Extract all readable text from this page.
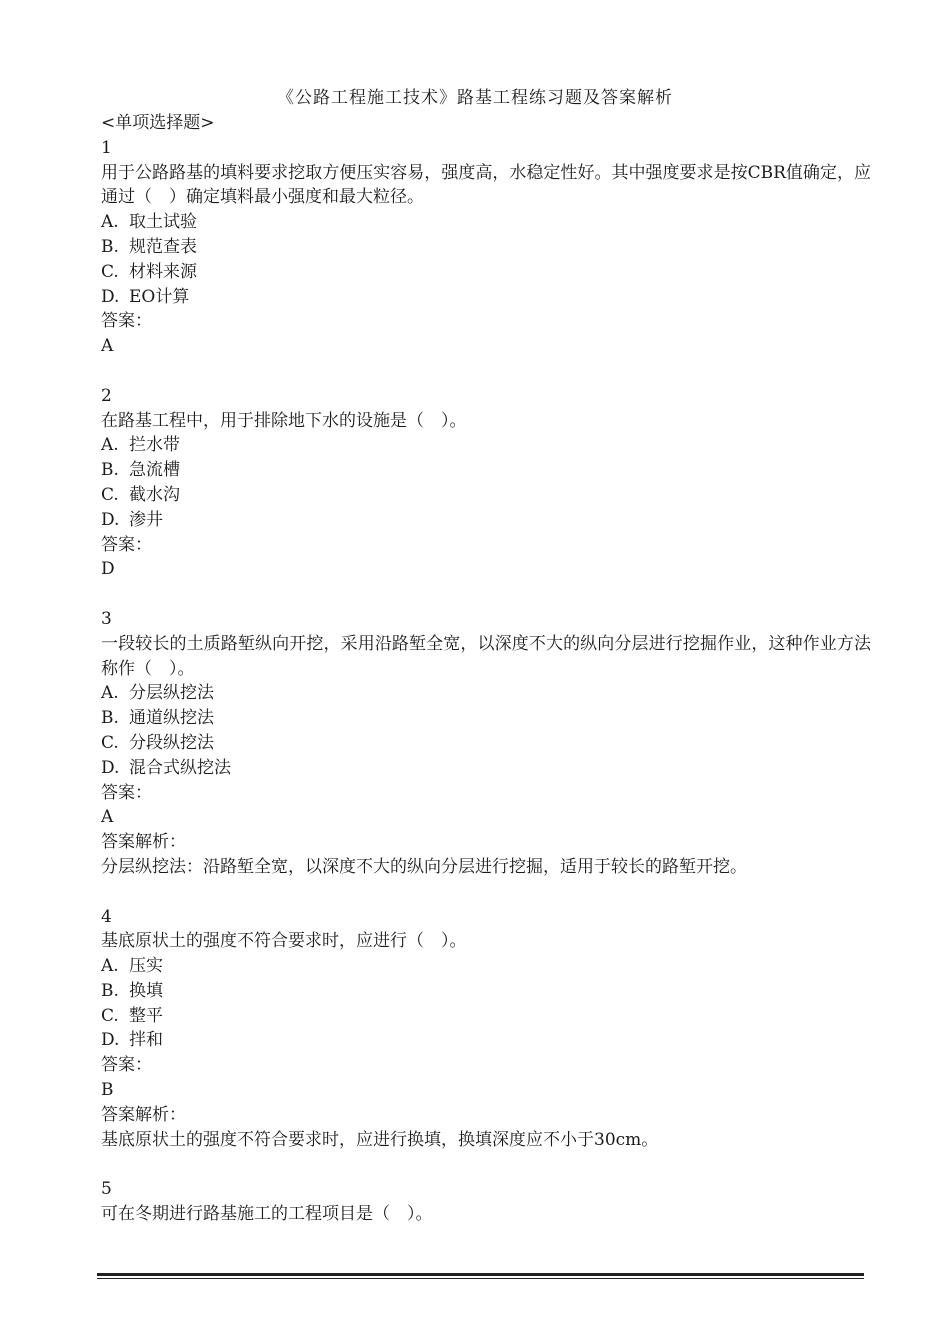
《公路工程施工技术》路基工程练习题及答案解析
<单项选择题>
1
用于公路路基的填料要求挖取方便压实容易，强度高，水稳定性好。其中强度要求是按CBR值确定，应通过（　）确定填料最小强度和最大粒径。
A. 取土试验
B. 规范查表
C. 材料来源
D. EO计算
答案：
A
2
在路基工程中，用于排除地下水的设施是（　）。
A. 拦水带
B. 急流槽
C. 截水沟
D. 渗井
答案：
D
3
一段较长的土质路堑纵向开挖，采用沿路堑全宽，以深度不大的纵向分层进行挖掘作业，这种作业方法称作（　）。
A. 分层纵挖法
B. 通道纵挖法
C. 分段纵挖法
D. 混合式纵挖法
答案：
A
答案解析：
分层纵挖法：沿路堑全宽，以深度不大的纵向分层进行挖掘，适用于较长的路堑开挖。
4
基底原状土的强度不符合要求时，应进行（　）。
A. 压实
B. 换填
C. 整平
D. 拌和
答案：
B
答案解析：
基底原状土的强度不符合要求时，应进行换填，换填深度应不小于30cm。
5
可在冬期进行路基施工的工程项目是（　）。
